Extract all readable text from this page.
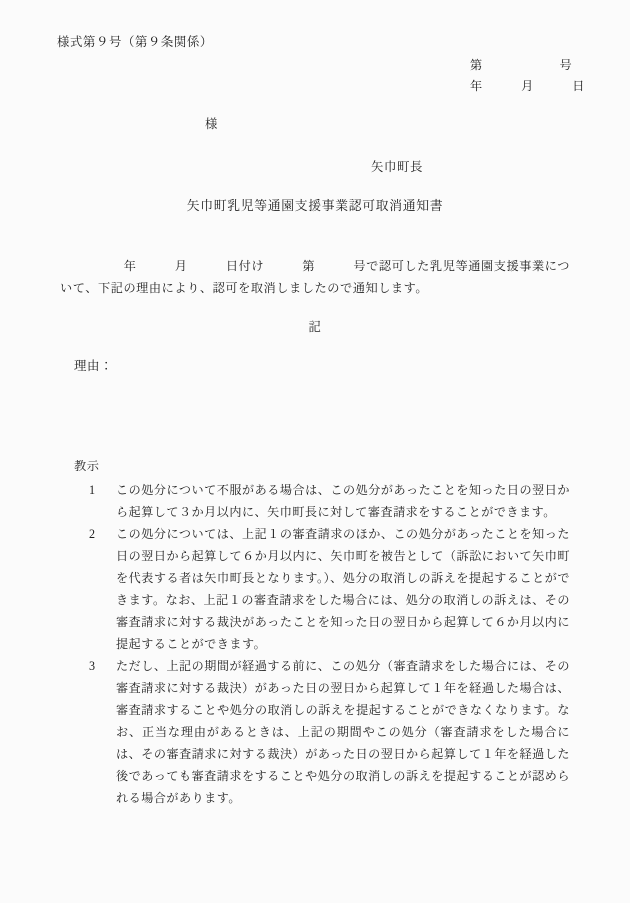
様式第９号（第９条関係）
第　　　　　　号
年　　　月　　　日
様
矢巾町長
矢巾町乳児等通園支援事業認可取消通知書
　　　　　年　　　月　　　日付け　　　第　　　号で認可した乳児等通園支援事業について、下記の理由により、認可を取消しましたので通知します。
記
理由：
教示
1	この処分について不服がある場合は、この処分があったことを知った日の翌日から起算して３か月以内に、矢巾町長に対して審査請求をすることができます。
2	この処分については、上記１の審査請求のほか、この処分があったことを知った日の翌日から起算して６か月以内に、矢巾町を被告として（訴訟において矢巾町を代表する者は矢巾町長となります。）、処分の取消しの訴えを提起することができます。なお、上記１の審査請求をした場合には、処分の取消しの訴えは、その審査請求に対する裁決があったことを知った日の翌日から起算して６か月以内に提起することができます。
3	ただし、上記の期間が経過する前に、この処分（審査請求をした場合には、その審査請求に対する裁決）があった日の翌日から起算して１年を経過した場合は、審査請求することや処分の取消しの訴えを提起することができなくなります。なお、正当な理由があるときは、上記の期間やこの処分（審査請求をした場合には、その審査請求に対する裁決）があった日の翌日から起算して１年を経過した後であっても審査請求をすることや処分の取消しの訴えを提起することが認められる場合があります。
